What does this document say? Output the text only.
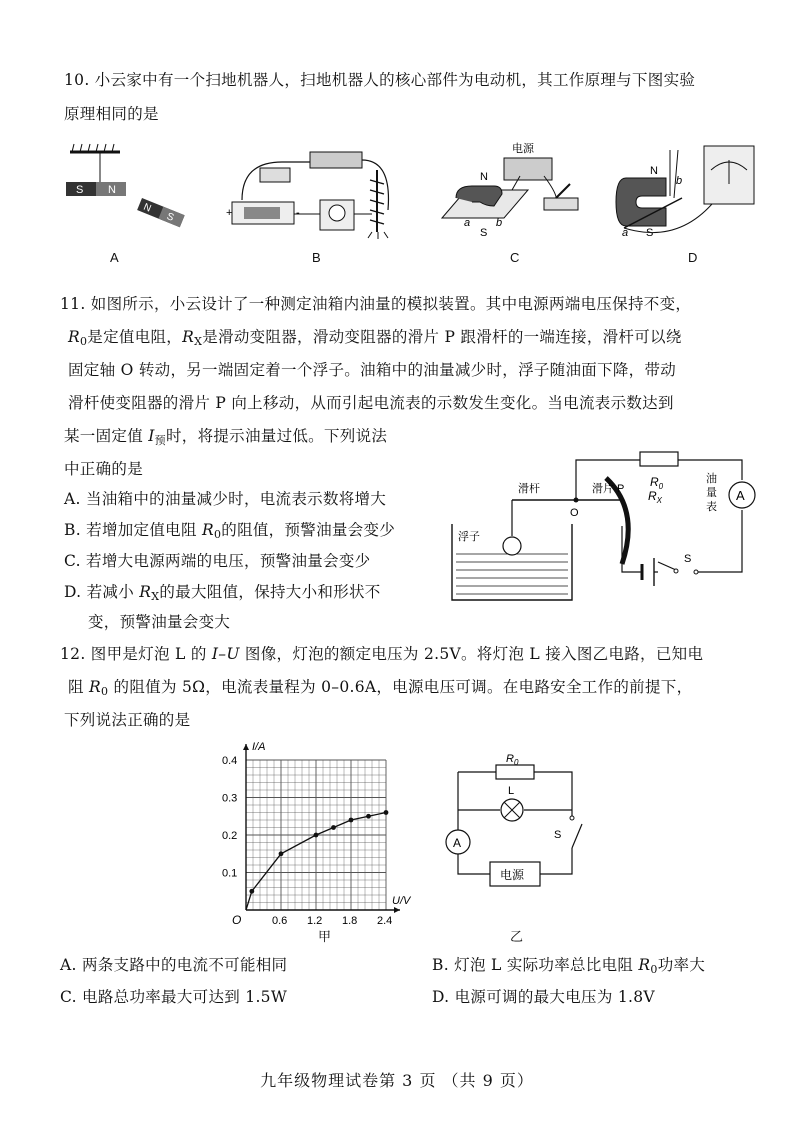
10. 小云家中有一个扫地机器人，扫地机器人的核心部件为电动机，其工作原理与下图实验
原理相同的是
S N
N
S
A
+	-
B
电源
N
S
a b
C
N
S
a
b
D
11. 如图所示，小云设计了一种测定油箱内油量的模拟装置。其中电源两端电压保持不变，
$R_0$是定值电阻，$R_X$是滑动变阻器，滑动变阻器的滑片 P 跟滑杆的一端连接，滑杆可以绕
固定轴 O 转动，另一端固定着一个浮子。油箱中的油量减少时，浮子随油面下降，带动
滑杆使变阻器的滑片 P 向上移动，从而引起电流表的示数发生变化。当电流表示数达到
某一固定值 $I_预$时，将提示油量过低。下列说法
中正确的是
A. 当油箱中的油量减少时，电流表示数将增大
B. 若增加定值电阻 $R_0$的阻值，预警油量会变少
C. 若增大电源两端的电压，预警油量会变少
D. 若减小 $R_X$的最大阻值，保持大小和形状不
变，预警油量会变大
$R_0$
A
油
量
表
$R_X$
滑杆	滑片 P
O
浮子
S
12. 图甲是灯泡 L 的 I–U 图像，灯泡的额定电压为 2.5V。将灯泡 L 接入图乙电路，已知电
阻 $R_0$ 的阻值为 5Ω，电流表量程为 0–0.6A，电源电压可调。在电路安全工作的前提下，
下列说法正确的是
0.6 1.2 1.8 2.4
0.1
0.2
0.3
0.4
O
U/V
I/A
甲
$R_0$
L
A
S
电源
乙
A. 两条支路中的电流不可能相同	B. 灯泡 L 实际功率总比电阻 $R_0$功率大
C. 电路总功率最大可达到 1.5W	D. 电源可调的最大电压为 1.8V
九年级物理试卷第 3 页 （共 9 页）
